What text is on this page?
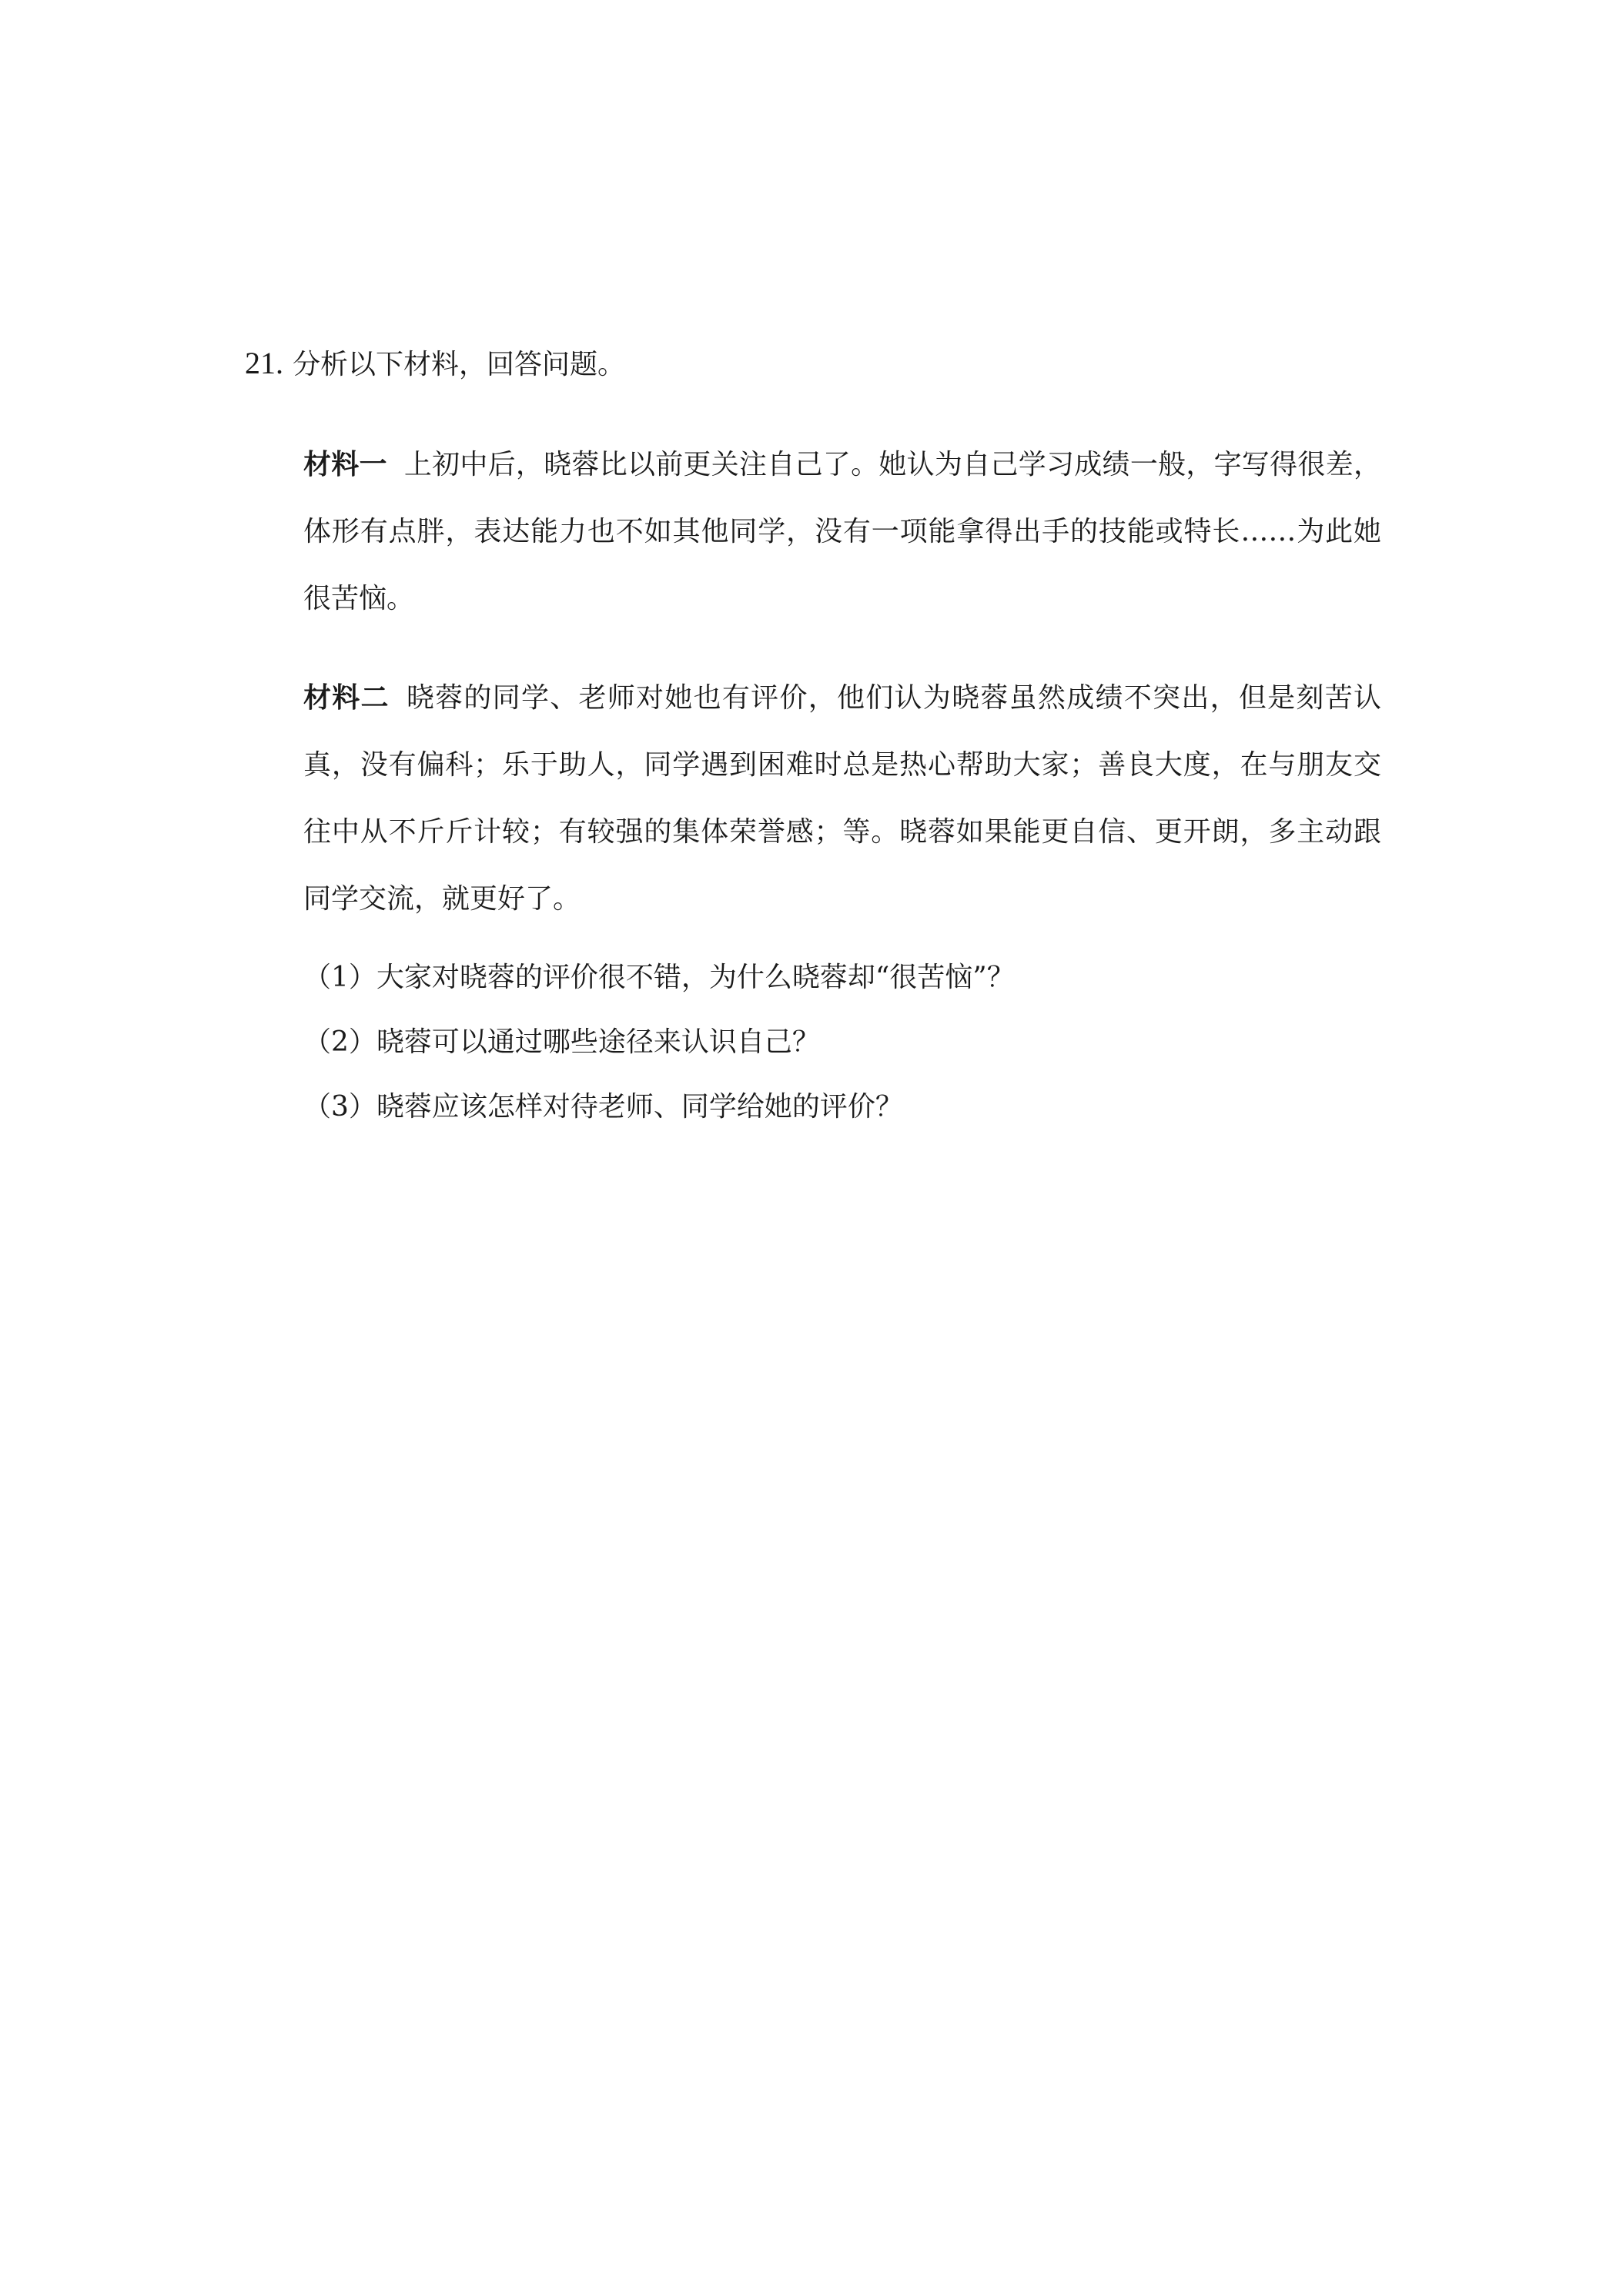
21. 分析以下材料，回答问题。
材料一 上初中后，晓蓉比以前更关注自己了。她认为自己学习成绩一般，字写得很差，体形有点胖，表达能力也不如其他同学，没有一项能拿得出手的技能或特长……为此她很苦恼。
材料二 晓蓉的同学、老师对她也有评价，他们认为晓蓉虽然成绩不突出，但是刻苦认真，没有偏科；乐于助人，同学遇到困难时总是热心帮助大家；善良大度，在与朋友交往中从不斤斤计较；有较强的集体荣誉感；等。晓蓉如果能更自信、更开朗，多主动跟同学交流，就更好了。
（1）大家对晓蓉的评价很不错，为什么晓蓉却“很苦恼”？
（2）晓蓉可以通过哪些途径来认识自己？
（3）晓蓉应该怎样对待老师、同学给她的评价？
